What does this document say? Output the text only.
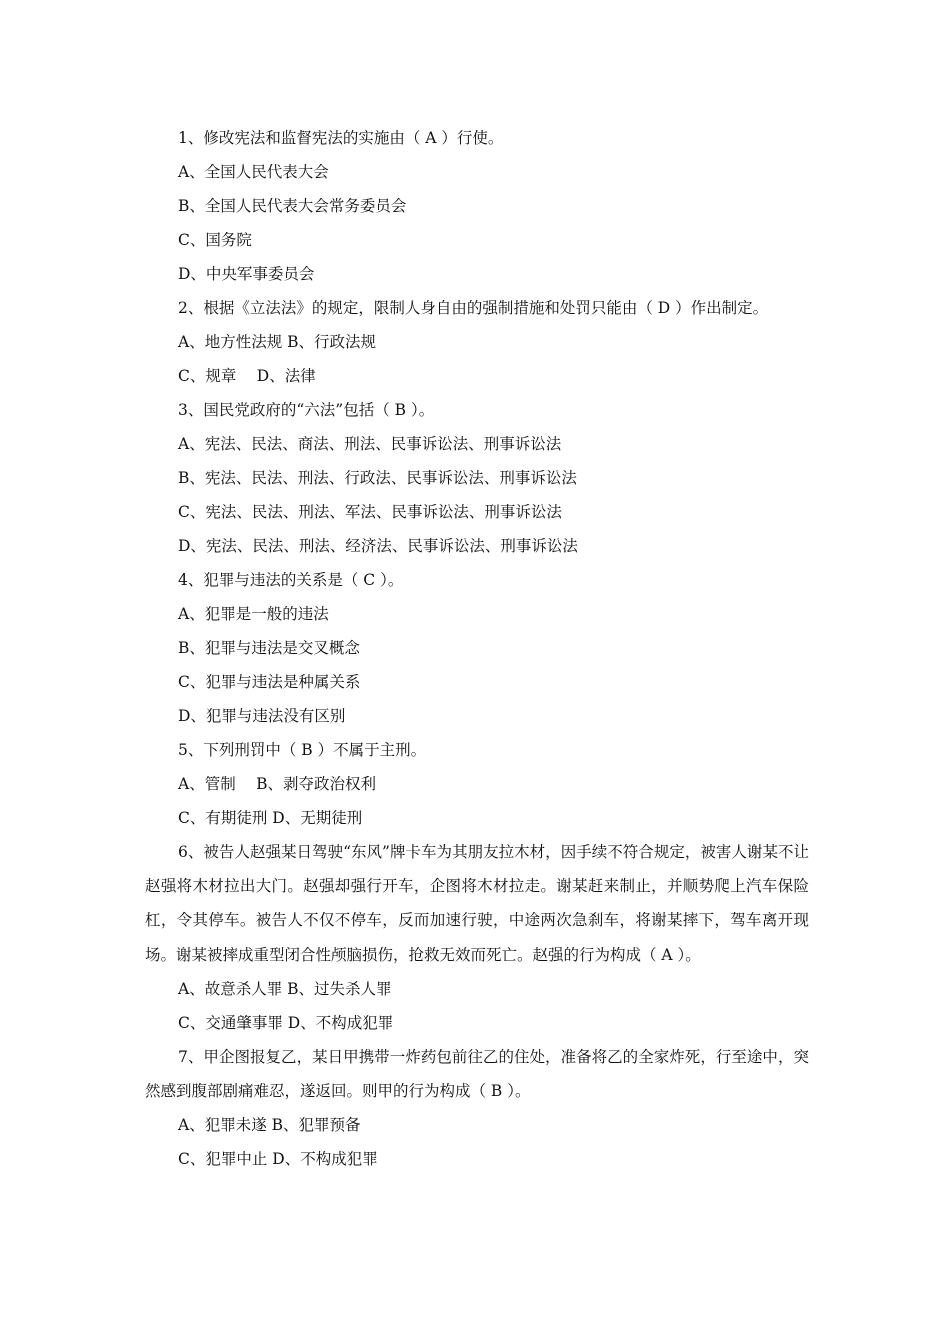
1、修改宪法和监督宪法的实施由（ A ）行使。
A、全国人民代表大会
B、全国人民代表大会常务委员会
C、国务院
D、中央军事委员会
2、根据《立法法》的规定，限制人身自由的强制措施和处罚只能由（ D ）作出制定。
A、地方性法规 B、行政法规
C、规章　 D、法律
3、国民党政府的“六法”包括（ B ）。
A、宪法、民法、商法、刑法、民事诉讼法、刑事诉讼法
B、宪法、民法、刑法、行政法、民事诉讼法、刑事诉讼法
C、宪法、民法、刑法、军法、民事诉讼法、刑事诉讼法
D、宪法、民法、刑法、经济法、民事诉讼法、刑事诉讼法
4、犯罪与违法的关系是（ C ）。
A、犯罪是一般的违法
B、犯罪与违法是交叉概念
C、犯罪与违法是种属关系
D、犯罪与违法没有区别
5、下列刑罚中（ B ）不属于主刑。
A、管制　 B、剥夺政治权利
C、有期徒刑 D、无期徒刑

6、被告人赵强某日驾驶“东风”牌卡车为其朋友拉木材，因手续不符合规定，被害人谢某不让赵强将木材拉出大门。赵强却强行开车，企图将木材拉走。谢某赶来制止，并顺势爬上汽车保险杠，令其停车。被告人不仅不停车，反而加速行驶，中途两次急刹车，将谢某摔下，驾车离开现场。谢某被摔成重型闭合性颅脑损伤，抢救无效而死亡。赵强的行为构成（ A ）。

A、故意杀人罪 B、过失杀人罪
C、交通肇事罪 D、不构成犯罪

7、甲企图报复乙，某日甲携带一炸药包前往乙的住处，准备将乙的全家炸死，行至途中，突然感到腹部剧痛难忍，遂返回。则甲的行为构成（ B ）。

A、犯罪未遂 B、犯罪预备
C、犯罪中止 D、不构成犯罪
